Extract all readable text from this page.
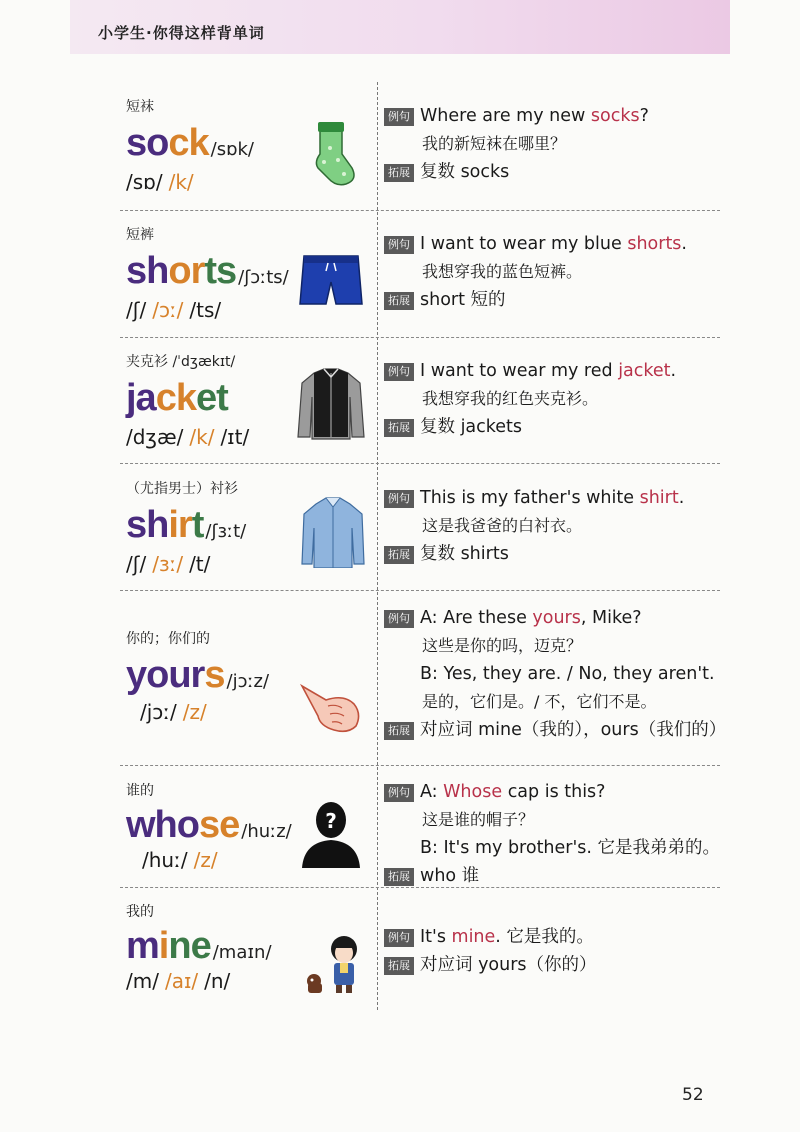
小学生·你得这样背单词
短袜
sock /sɒk/
/sɒ/ /k/
例句 Where are my new socks?
我的新短袜在哪里？
拓展 复数 socks
短裤
shorts /ʃɔːts/
/ʃ/ /ɔː/ /ts/
例句 I want to wear my blue shorts.
我想穿我的蓝色短裤。
拓展 short 短的
夹克衫 /ˈdʒækɪt/
jacket
/dʒæ/ /k/ /ɪt/
例句 I want to wear my red jacket.
我想穿我的红色夹克衫。
拓展 复数 jackets
（尤指男士）衬衫
shirt /ʃɜːt/
/ʃ/ /ɜː/ /t/
例句 This is my father's white shirt.
这是我爸爸的白衬衣。
拓展 复数 shirts
你的；你们的
yours /jɔːz/
/jɔː/ /z/
例句 A: Are these yours, Mike?
这些是你的吗，迈克？
B: Yes, they are. / No, they aren't.
是的，它们是。/ 不，它们不是。
拓展 对应词 mine（我的），ours（我们的）
谁的
whose /huːz/
/huː/ /z/
?
例句 A: Whose cap is this?
这是谁的帽子？
B: It's my brother's. 它是我弟弟的。
拓展 who 谁
我的
mine /maɪn/
/m/ /aɪ/ /n/
例句 It's mine. 它是我的。
拓展 对应词 yours（你的）
52
